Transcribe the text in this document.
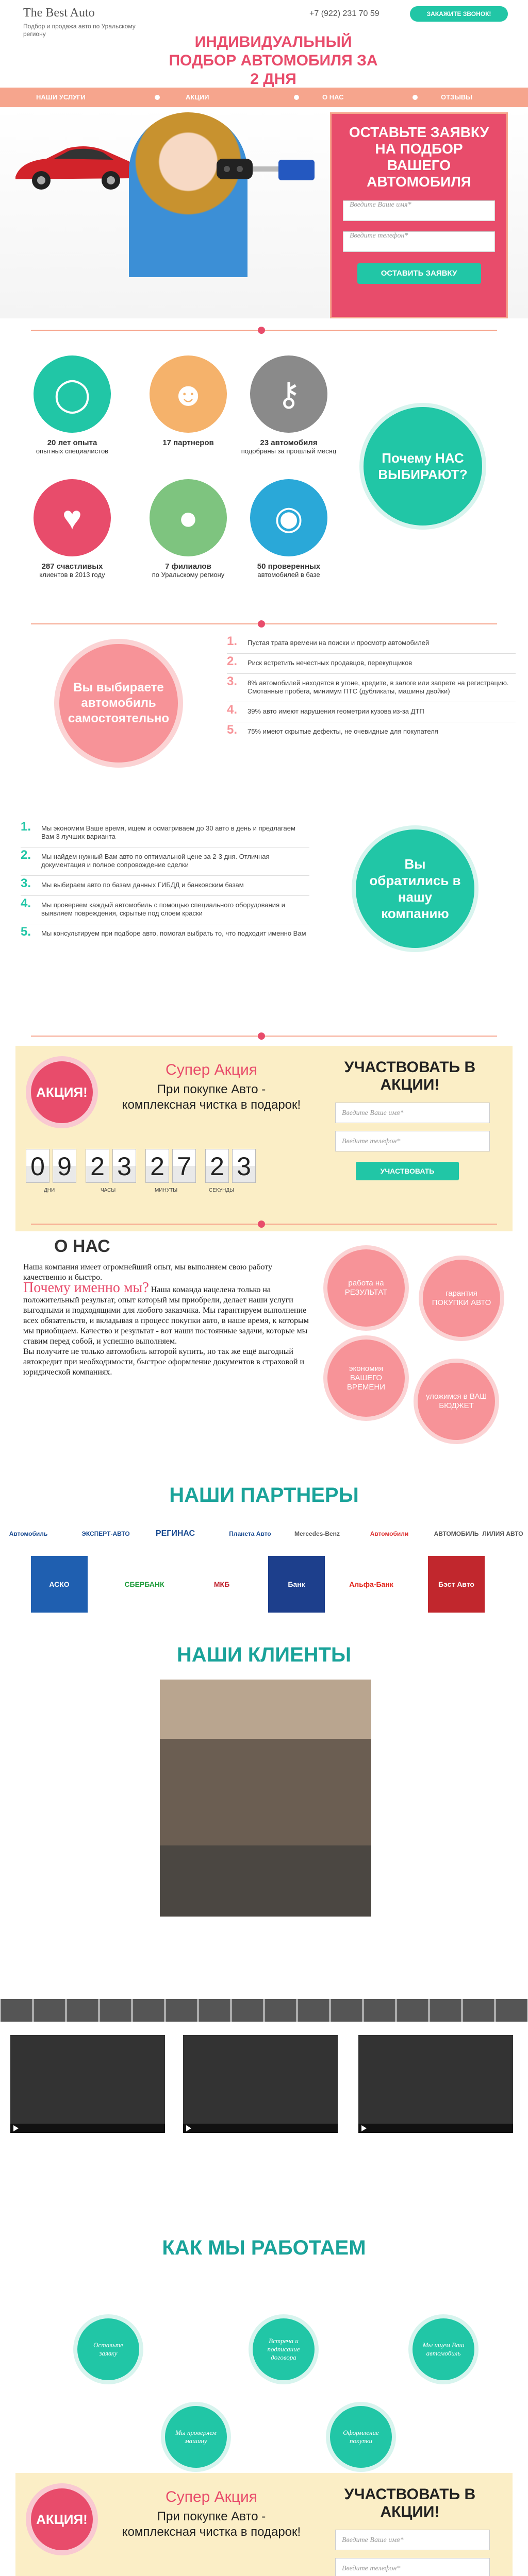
The Best Auto
Подбор и продажа авто по Уральскому региону
+7 (922) 231 70 59	ЗАКАЖИТЕ ЗВОНОК!
ИНДИВИДУАЛЬНЫЙ ПОДБОР АВТОМОБИЛЯ ЗА 2 ДНЯ
НАШИ УСЛУГИ	АКЦИИ	О НАС	ОТЗЫВЫ
ОСТАВЬТЕ ЗАЯВКУ НА ПОДБОР ВАШЕГО АВТОМОБИЛЯ
Введите Ваше имя*
Введите телефон*
ОСТАВИТЬ ЗАЯВКУ
◯
20 лет опыта
опытных специалистов
☻
17 партнеров
⚷
23 автомобиля
подобраны за прошлый месяц
♥
287 счастливых
клиентов в 2013 году
●
7 филиалов
по Уральскому региону
◉
50 проверенных
автомобилей в базе
Почему НАС ВЫБИРАЮТ?
Вы выбираете автомобиль самостоятельно
1. Пустая трата времени на поиски и просмотр автомобилей
2. Риск встретить нечестных продавцов, перекупщиков
3. 8% автомобилей находятся в угоне, кредите, в залоге или запрете на регистрацию. Смотанные пробега, минимум ПТС (дубликаты, машины двойки)
4. 39% авто имеют нарушения геометрии кузова из-за ДТП
5. 75% имеют скрытые дефекты, не очевидные для покупателя
1. Мы экономим Ваше время, ищем и осматриваем до 30 авто в день и предлагаем Вам 3 лучших варианта
2. Мы найдем нужный Вам авто по оптимальной цене за 2-3 дня. Отличная документация и полное сопровождение сделки
3. Мы выбираем авто по базам данных ГИБДД и банковским базам
4. Мы проверяем каждый автомобиль с помощью специального оборудования и выявляем повреждения, скрытые под слоем краски
5. Мы консультируем при подборе авто, помогая выбрать то, что подходит именно Вам
Вы обратились в нашу компанию
АКЦИЯ!
Супер Акция
При покупке Авто - комплексная чистка в подарок!
0 9 2 3 2 7 2 3
ДНИ	ЧАСЫ	МИНУТЫ	СЕКУНДЫ
УЧАСТВОВАТЬ В АКЦИИ!
Введите Ваше имя*
Введите телефон*
УЧАСТВОВАТЬ
О НАС

Наша компания имеет огромнейший опыт, мы выполняем свою работу качественно и быстро.

Почему именно мы? Наша команда нацелена только на положительный результат, опыт который мы приобрели, делает наши услуги выгодными и подходящими для любого заказчика. Мы гарантируем выполнение всех обязательств, и вкладывая в процесс покупки авто, в наше время, к которым мы приобщаем. Качество и результат - вот наши постоянные задачи, которые мы ставим перед собой, и успешно выполняем.

Вы получите не только автомобиль которой купить, но так же ещё выгодный автокредит при необходимости, быстрое оформление документов в страховой и юридической компаниях.

работа на РЕЗУЛЬТАТ	гарантия ПОКУПКИ АВТО
экономия ВАШЕГО ВРЕМЕНИ
уложимся в ВАШ БЮДЖЕТ
НАШИ ПАРТНЕРЫ
Автомобиль	ЭКСПЕРТ-АВТО	РЕГИНАС	Планета Авто	Mercedes-Benz	Автомобили	АВТОМОБИЛЬ ЛИЛИЯ АВТО
АСКО	СБЕРБАНК	МКБ	Банк	Альфа-Банк	Бэст Авто
НАШИ КЛИЕНТЫ
КАК МЫ РАБОТАЕМ
Оставьте заявку
Встреча и подписание договора
Мы ищем Ваш автомобиль
Мы проверяем машину
Оформление покупки
АКЦИЯ!
Супер Акция
При покупке Авто - комплексная чистка в подарок!
УЧАСТВОВАТЬ В АКЦИИ!
Введите Ваше имя*
Введите телефон*
